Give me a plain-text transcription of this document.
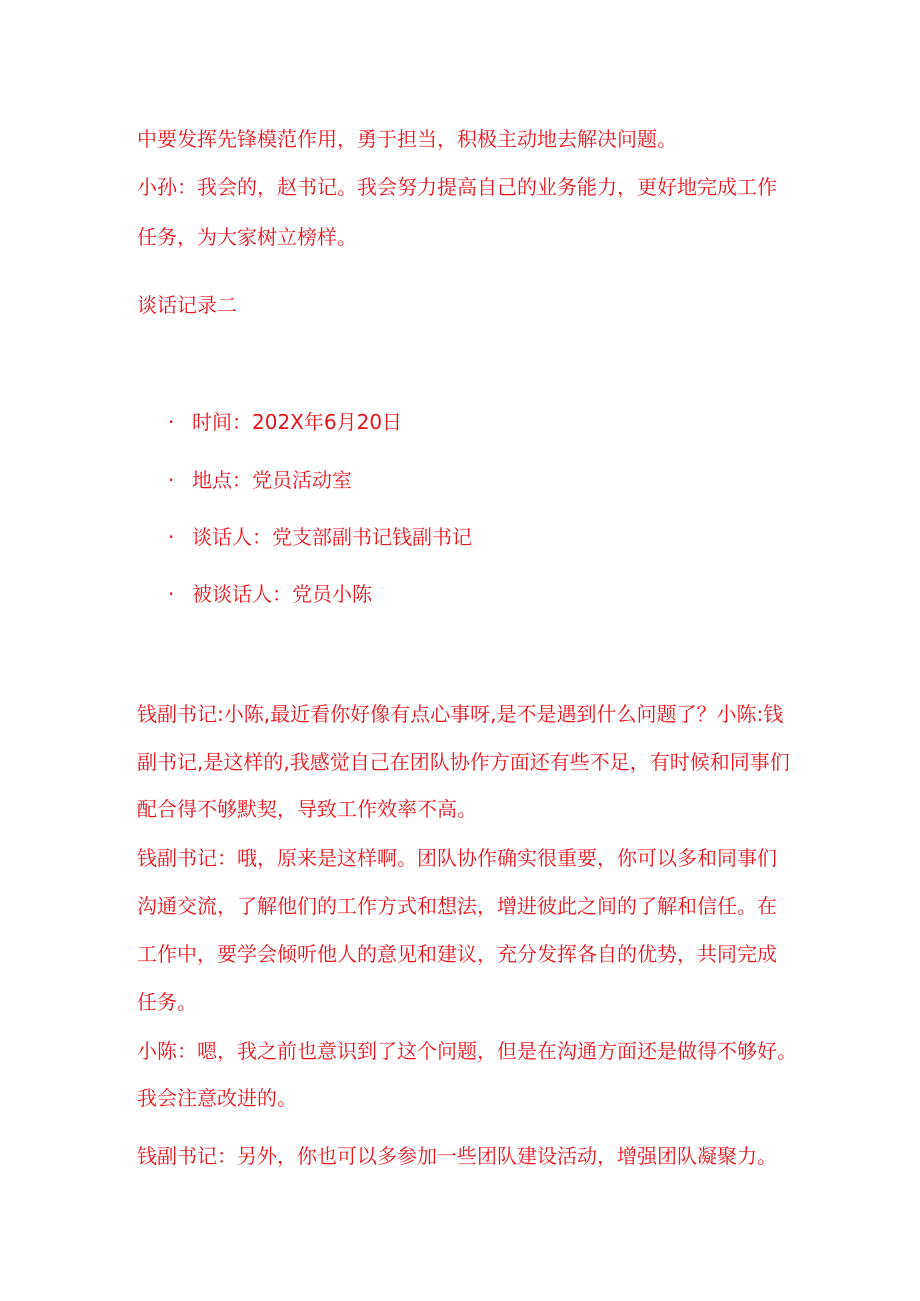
中要发挥先锋模范作用，勇于担当，积极主动地去解决问题。
小孙：我会的，赵书记。我会努力提高自己的业务能力，更好地完成工作
任务，为大家树立榜样。
谈话记录二
· 时间：202X年6月20日
· 地点：党员活动室
· 谈话人：党支部副书记钱副书记
· 被谈话人：党员小陈
钱副书记:小陈,最近看你好像有点心事呀,是不是遇到什么问题了？小陈:钱
副书记,是这样的,我感觉自己在团队协作方面还有些不足，有时候和同事们
配合得不够默契，导致工作效率不高。
钱副书记：哦，原来是这样啊。团队协作确实很重要，你可以多和同事们
沟通交流，了解他们的工作方式和想法，增进彼此之间的了解和信任。在
工作中，要学会倾听他人的意见和建议，充分发挥各自的优势，共同完成
任务。
小陈：嗯，我之前也意识到了这个问题，但是在沟通方面还是做得不够好。
我会注意改进的。
钱副书记：另外，你也可以多参加一些团队建设活动，增强团队凝聚力。
